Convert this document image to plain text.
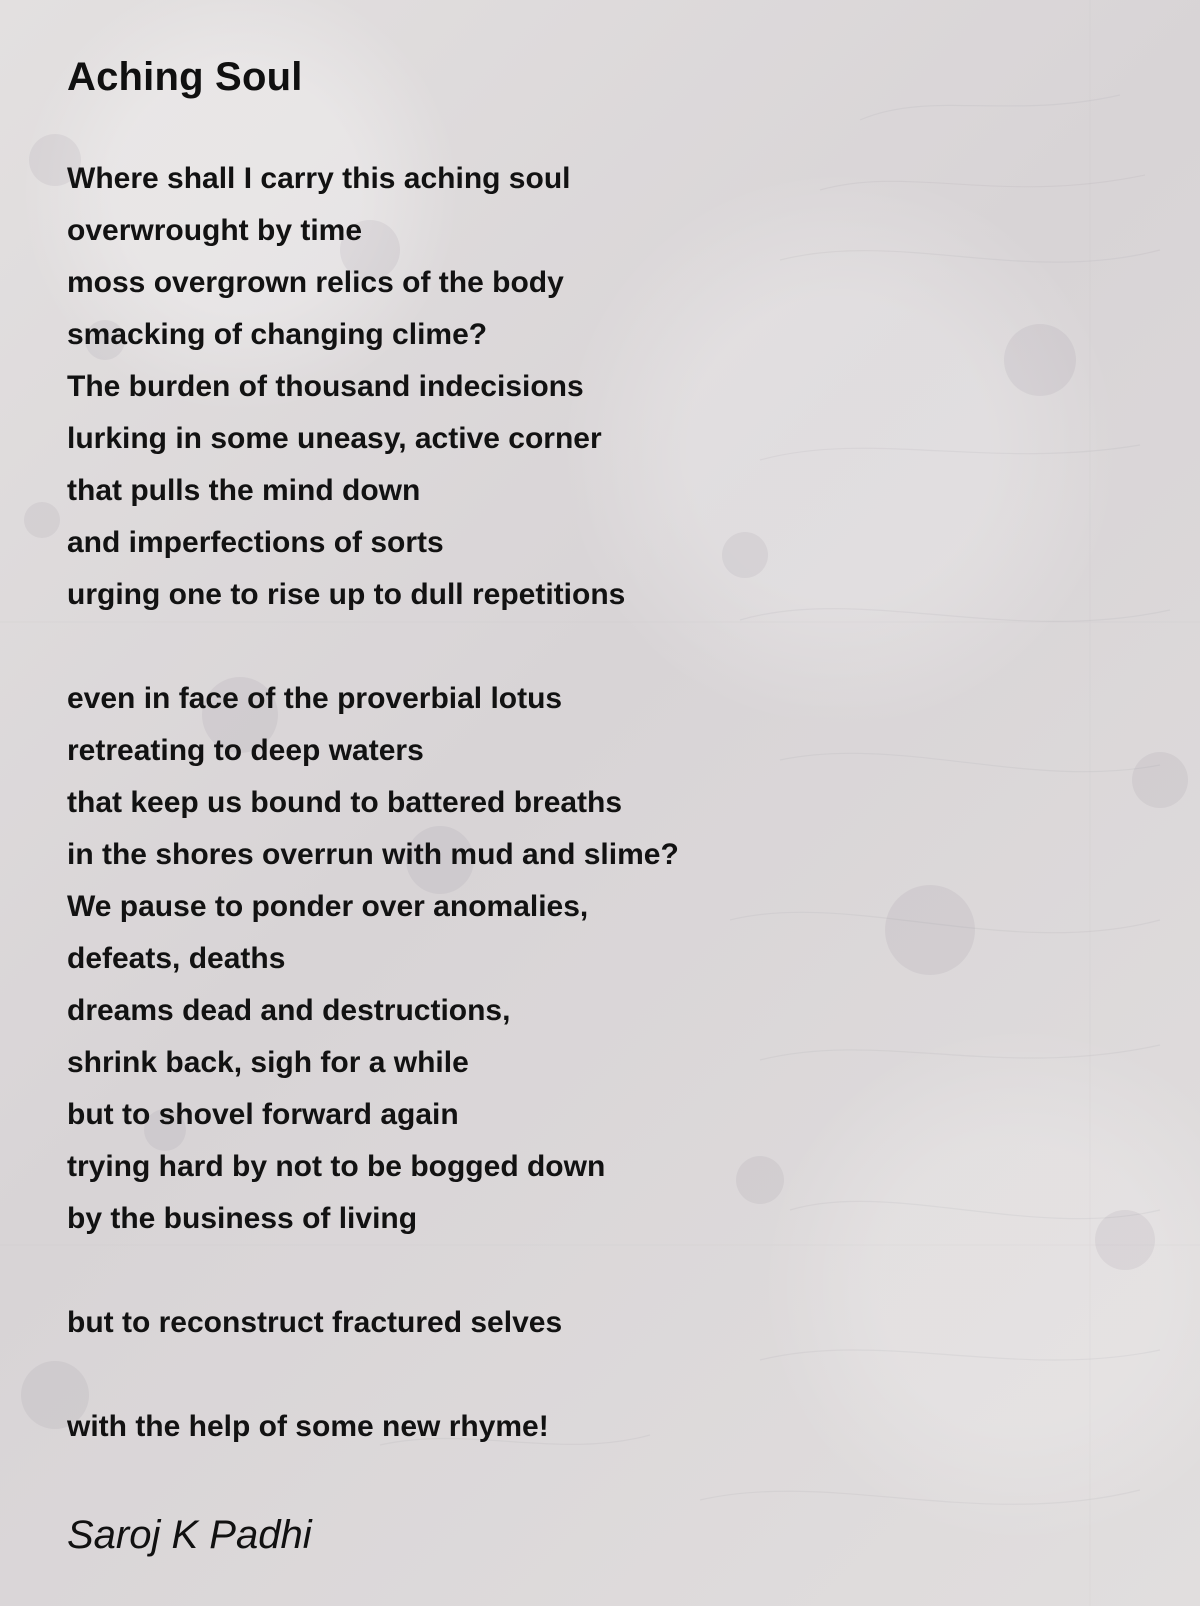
Aching Soul
Where shall I carry this aching soul
overwrought by time
moss overgrown relics of the body
smacking of changing clime?
The burden of thousand indecisions
lurking in some uneasy, active corner
that pulls the mind down
and imperfections of sorts
urging one to rise up to dull repetitions
even in face of the proverbial lotus
retreating to deep waters
that keep us bound to battered breaths
in the shores overrun with mud and slime?
We pause to ponder over anomalies,
defeats, deaths
dreams dead and destructions,
shrink back, sigh for a while
but to shovel forward again
trying hard by not to be bogged down
by the business of living
but to reconstruct fractured selves
with the help of some new rhyme!
Saroj K Padhi
